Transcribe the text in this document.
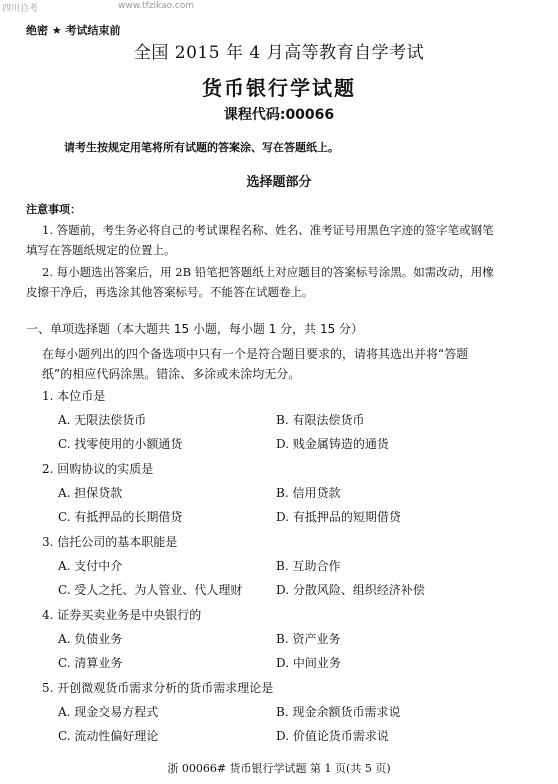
四川自考	www.tfzikao.com
绝密 ★ 考试结束前
全国 2015 年 4 月高等教育自学考试
货币银行学试题
课程代码:00066
请考生按规定用笔将所有试题的答案涂、写在答题纸上。
选择题部分
注意事项：
1. 答题前，考生务必将自己的考试课程名称、姓名、准考证号用黑色字迹的签字笔或钢笔
填写在答题纸规定的位置上。
2. 每小题选出答案后，用 2B 铅笔把答题纸上对应题目的答案标号涂黑。如需改动，用橡
皮擦干净后，再选涂其他答案标号。不能答在试题卷上。
一、单项选择题（本大题共 15 小题，每小题 1 分，共 15 分）
在每小题列出的四个备选项中只有一个是符合题目要求的，请将其选出并将“答题
纸”的相应代码涂黑。错涂、多涂或未涂均无分。
1. 本位币是
A. 无限法偿货币	B. 有限法偿货币
C. 找零使用的小额通货	D. 贱金属铸造的通货
2. 回购协议的实质是
A. 担保贷款	B. 信用贷款
C. 有抵押品的长期借贷	D. 有抵押品的短期借贷
3. 信托公司的基本职能是
A. 支付中介	B. 互助合作
C. 受人之托、为人管业、代人理财	D. 分散风险、组织经济补偿
4. 证券买卖业务是中央银行的
A. 负债业务	B. 资产业务
C. 清算业务	D. 中间业务
5. 开创微观货币需求分析的货币需求理论是
A. 现金交易方程式	B. 现金余额货币需求说
C. 流动性偏好理论	D. 价值论货币需求说
浙 00066# 货币银行学试题 第 1 页(共 5 页)
